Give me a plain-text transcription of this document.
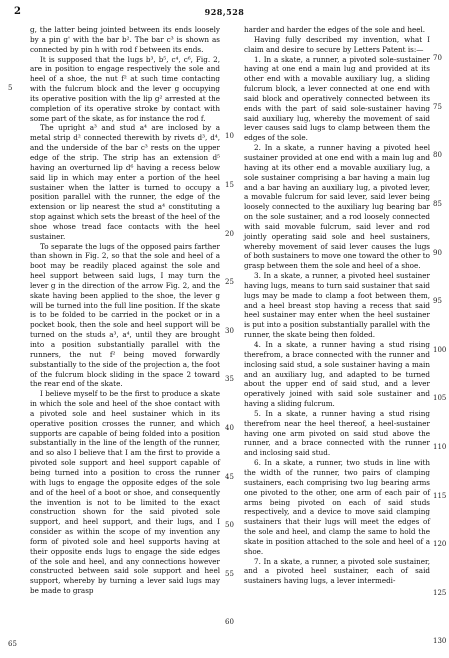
2	928,528

g, the latter being jointed between its ends loosely by a pin g' with the bar b². The bar c³ is shown as connected by pin h with rod f between its ends.

It is supposed that the lugs b³, b⁵, c⁴, c⁶, Fig. 2, are in position to engage respectively the sole and heel of a shoe, the nut f² at such time contacting with the fulcrum block and the lever g occupying its operative position with the lip g² arrested at the completion of its operative stroke by contact with some part of the skate, as for instance the rod f.

The upright a³ and stud a⁴ are inclosed by a metal strip d² connected therewith by rivets d³, d⁴, and the underside of the bar c³ rests on the upper edge of the strip. The strip has an extension d⁵ having an overturned lip d⁶ having a recess below said lip in which may enter a portion of the heel sustainer when the latter is turned to occupy a position parallel with the runner, the edge of the extension or lip nearest the stud a⁴ constituting a stop against which sets the breast of the heel of the shoe whose tread face contacts with the heel sustainer.

To separate the lugs of the opposed pairs farther than shown in Fig. 2, so that the sole and heel of a boot may be readily placed against the sole and heel support between said lugs, I may turn the lever g in the direction of the arrow Fig. 2, and the skate having been applied to the shoe, the lever g will be turned into the full line position. If the skate is to be folded to be carried in the pocket or in a pocket book, then the sole and heel support will be turned on the studs a³, a⁴, until they are brought into a position substantially parallel with the runners, the nut f² being moved forwardly substantially to the side of the projection a, the foot of the fulcrum block sliding in the space 2 toward the rear end of the skate.

I believe myself to be the first to produce a skate in which the sole and heel of the shoe contact with a pivoted sole and heel sustainer which in its operative position crosses the runner, and which supports are capable of being folded into a position substantially in the line of the length of the runner, and so also I believe that I am the first to provide a pivoted sole support and heel support capable of being turned into a position to cross the runner with lugs to engage the opposite edges of the sole and of the heel of a boot or shoe, and consequently the invention is not to be limited to the exact construction shown for the said pivoted sole support, and heel support, and their lugs, and I consider as within the scope of my invention any form of pivoted sole and heel supports having at their opposite ends lugs to engage the side edges of the sole and heel, and any connections however constructed between said sole support and heel support, whereby by turning a lever said lugs may be made to grasp

harder and harder the edges of the sole and heel.

Having fully described my invention, what I claim and desire to secure by Letters Patent is:—

1. In a skate, a runner, a pivoted sole-sustainer having at one end a main lug and provided at its other end with a movable auxiliary lug, a sliding fulcrum block, a lever connected at one end with said block and operatively connected between its ends with the part of said sole-sustainer having said auxiliary lug, whereby the movement of said lever causes said lugs to clamp between them the edges of the sole.

2. In a skate, a runner having a pivoted heel sustainer provided at one end with a main lug and having at its other end a movable auxiliary lug, a sole sustainer comprising a bar having a main lug and a bar having an auxiliary lug, a pivoted lever, a movable fulcrum for said lever, said lever being loosely connected to the auxiliary lug bearing bar on the sole sustainer, and a rod loosely connected with said movable fulcrum, said lever and rod jointly operating said sole and heel sustainers, whereby movement of said lever causes the lugs of both sustainers to move one toward the other to grasp between them the sole and heel of a shoe.

3. In a skate, a runner, a pivoted heel sustainer having lugs, means to turn said sustainer that said lugs may be made to clamp a foot between them, and a heel breast stop having a recess that said heel sustainer may enter when the heel sustainer is put into a position substantially parallel with the runner, the skate being then folded.

4. In a skate, a runner having a stud rising therefrom, a brace connected with the runner and inclosing said stud, a sole sustainer having a main and an auxiliary lug, and adapted to be turned about the upper end of said stud, and a lever operatively joined with said sole sustainer and having a sliding fulcrum.

5. In a skate, a runner having a stud rising therefrom near the heel thereof, a heel-sustainer having one arm pivoted on said stud above the runner, and a brace connected with the runner and inclosing said stud.

6. In a skate, a runner, two studs in line with the width of the runner, two pairs of clamping sustainers, each comprising two lug bearing arms one pivoted to the other, one arm of each pair of arms being pivoted on each of said studs respectively, and a device to move said clamping sustainers that their lugs will meet the edges of the sole and heel, and clamp the same to hold the skate in position attached to the sole and heel of a shoe.

7. In a skate, a runner, a pivoted sole sustainer, and a pivoted heel sustainer, each of said sustainers having lugs, a lever intermedi-

5
10
15
20
25
30
35
40
45
50
55
60
65
70
75
80
85
90
95
100
105
110
115
120
125
130
